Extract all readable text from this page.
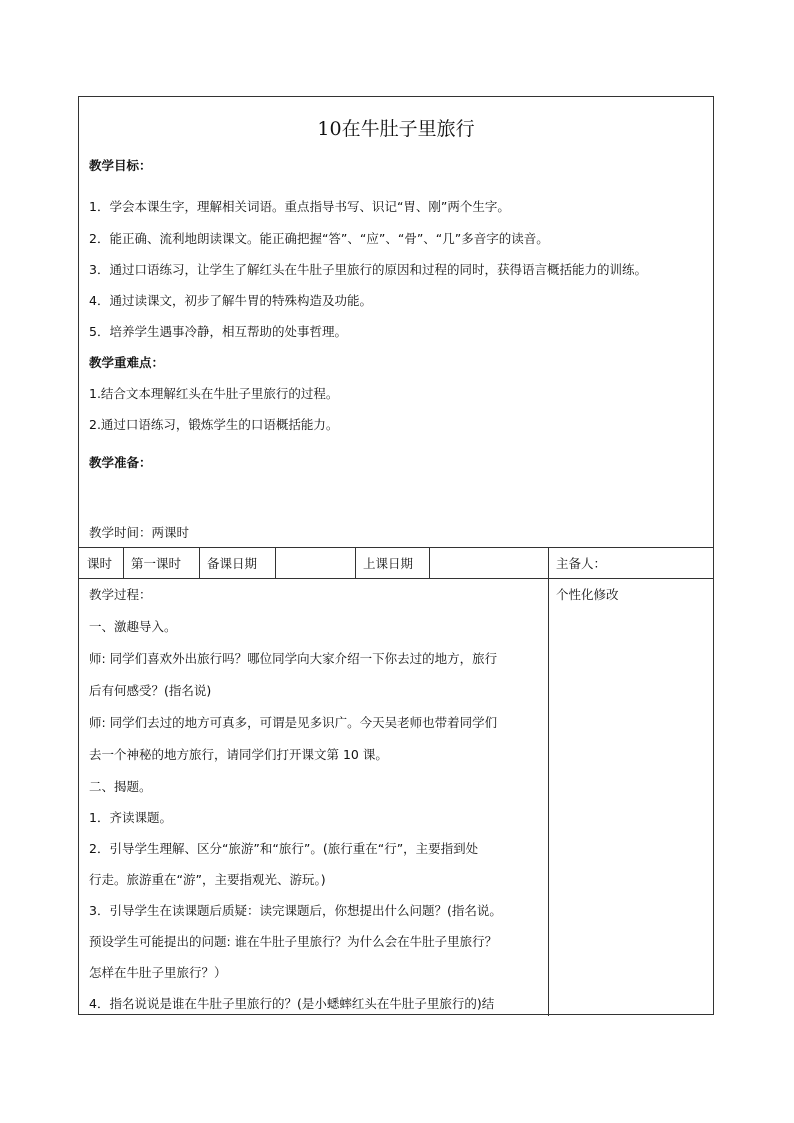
10在牛肚子里旅行
教学目标：
1．学会本课生字，理解相关词语。重点指导书写、识记“胃、刚”两个生字。
2．能正确、流利地朗读课文。能正确把握“答”、“应”、“骨”、“几”多音字的读音。
3．通过口语练习，让学生了解红头在牛肚子里旅行的原因和过程的同时，获得语言概括能力的训练。
4．通过读课文，初步了解牛胃的特殊构造及功能。
5．培养学生遇事冷静，相互帮助的处事哲理。
教学重难点：
1.结合文本理解红头在牛肚子里旅行的过程。
2.通过口语练习，锻炼学生的口语概括能力。
教学准备：
教学时间：两课时
课时 第一课时 备课日期	上课日期	主备人：
个性化修改
教学过程：
一、激趣导入。
师: 同学们喜欢外出旅行吗？哪位同学向大家介绍一下你去过的地方，旅行
后有何感受？(指名说)
师: 同学们去过的地方可真多，可谓是见多识广。今天吴老师也带着同学们
去一个神秘的地方旅行，请同学们打开课文第 10 课。
二、揭题。
1．齐读课题。
2．引导学生理解、区分“旅游”和“旅行”。(旅行重在“行”，主要指到处
行走。旅游重在“游”，主要指观光、游玩。)
3．引导学生在读课题后质疑：读完课题后，你想提出什么问题？(指名说。
预设学生可能提出的问题: 谁在牛肚子里旅行？为什么会在牛肚子里旅行？
怎样在牛肚子里旅行？）
4．指名说说是谁在牛肚子里旅行的？(是小蟋蟀红头在牛肚子里旅行的)结
